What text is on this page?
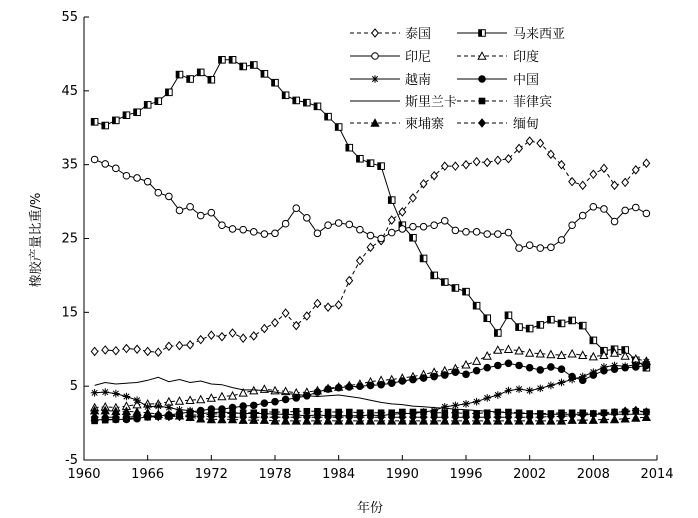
-5
5
15
25
35
45
55
1960 1966 1972 1978 1984 1990 1996 2002 2008 2014
泰国	马来西亚
印尼	印度
越南	中国
斯里兰卡	菲律宾
柬埔寨	缅甸
年份
橡胶产量比重/%
